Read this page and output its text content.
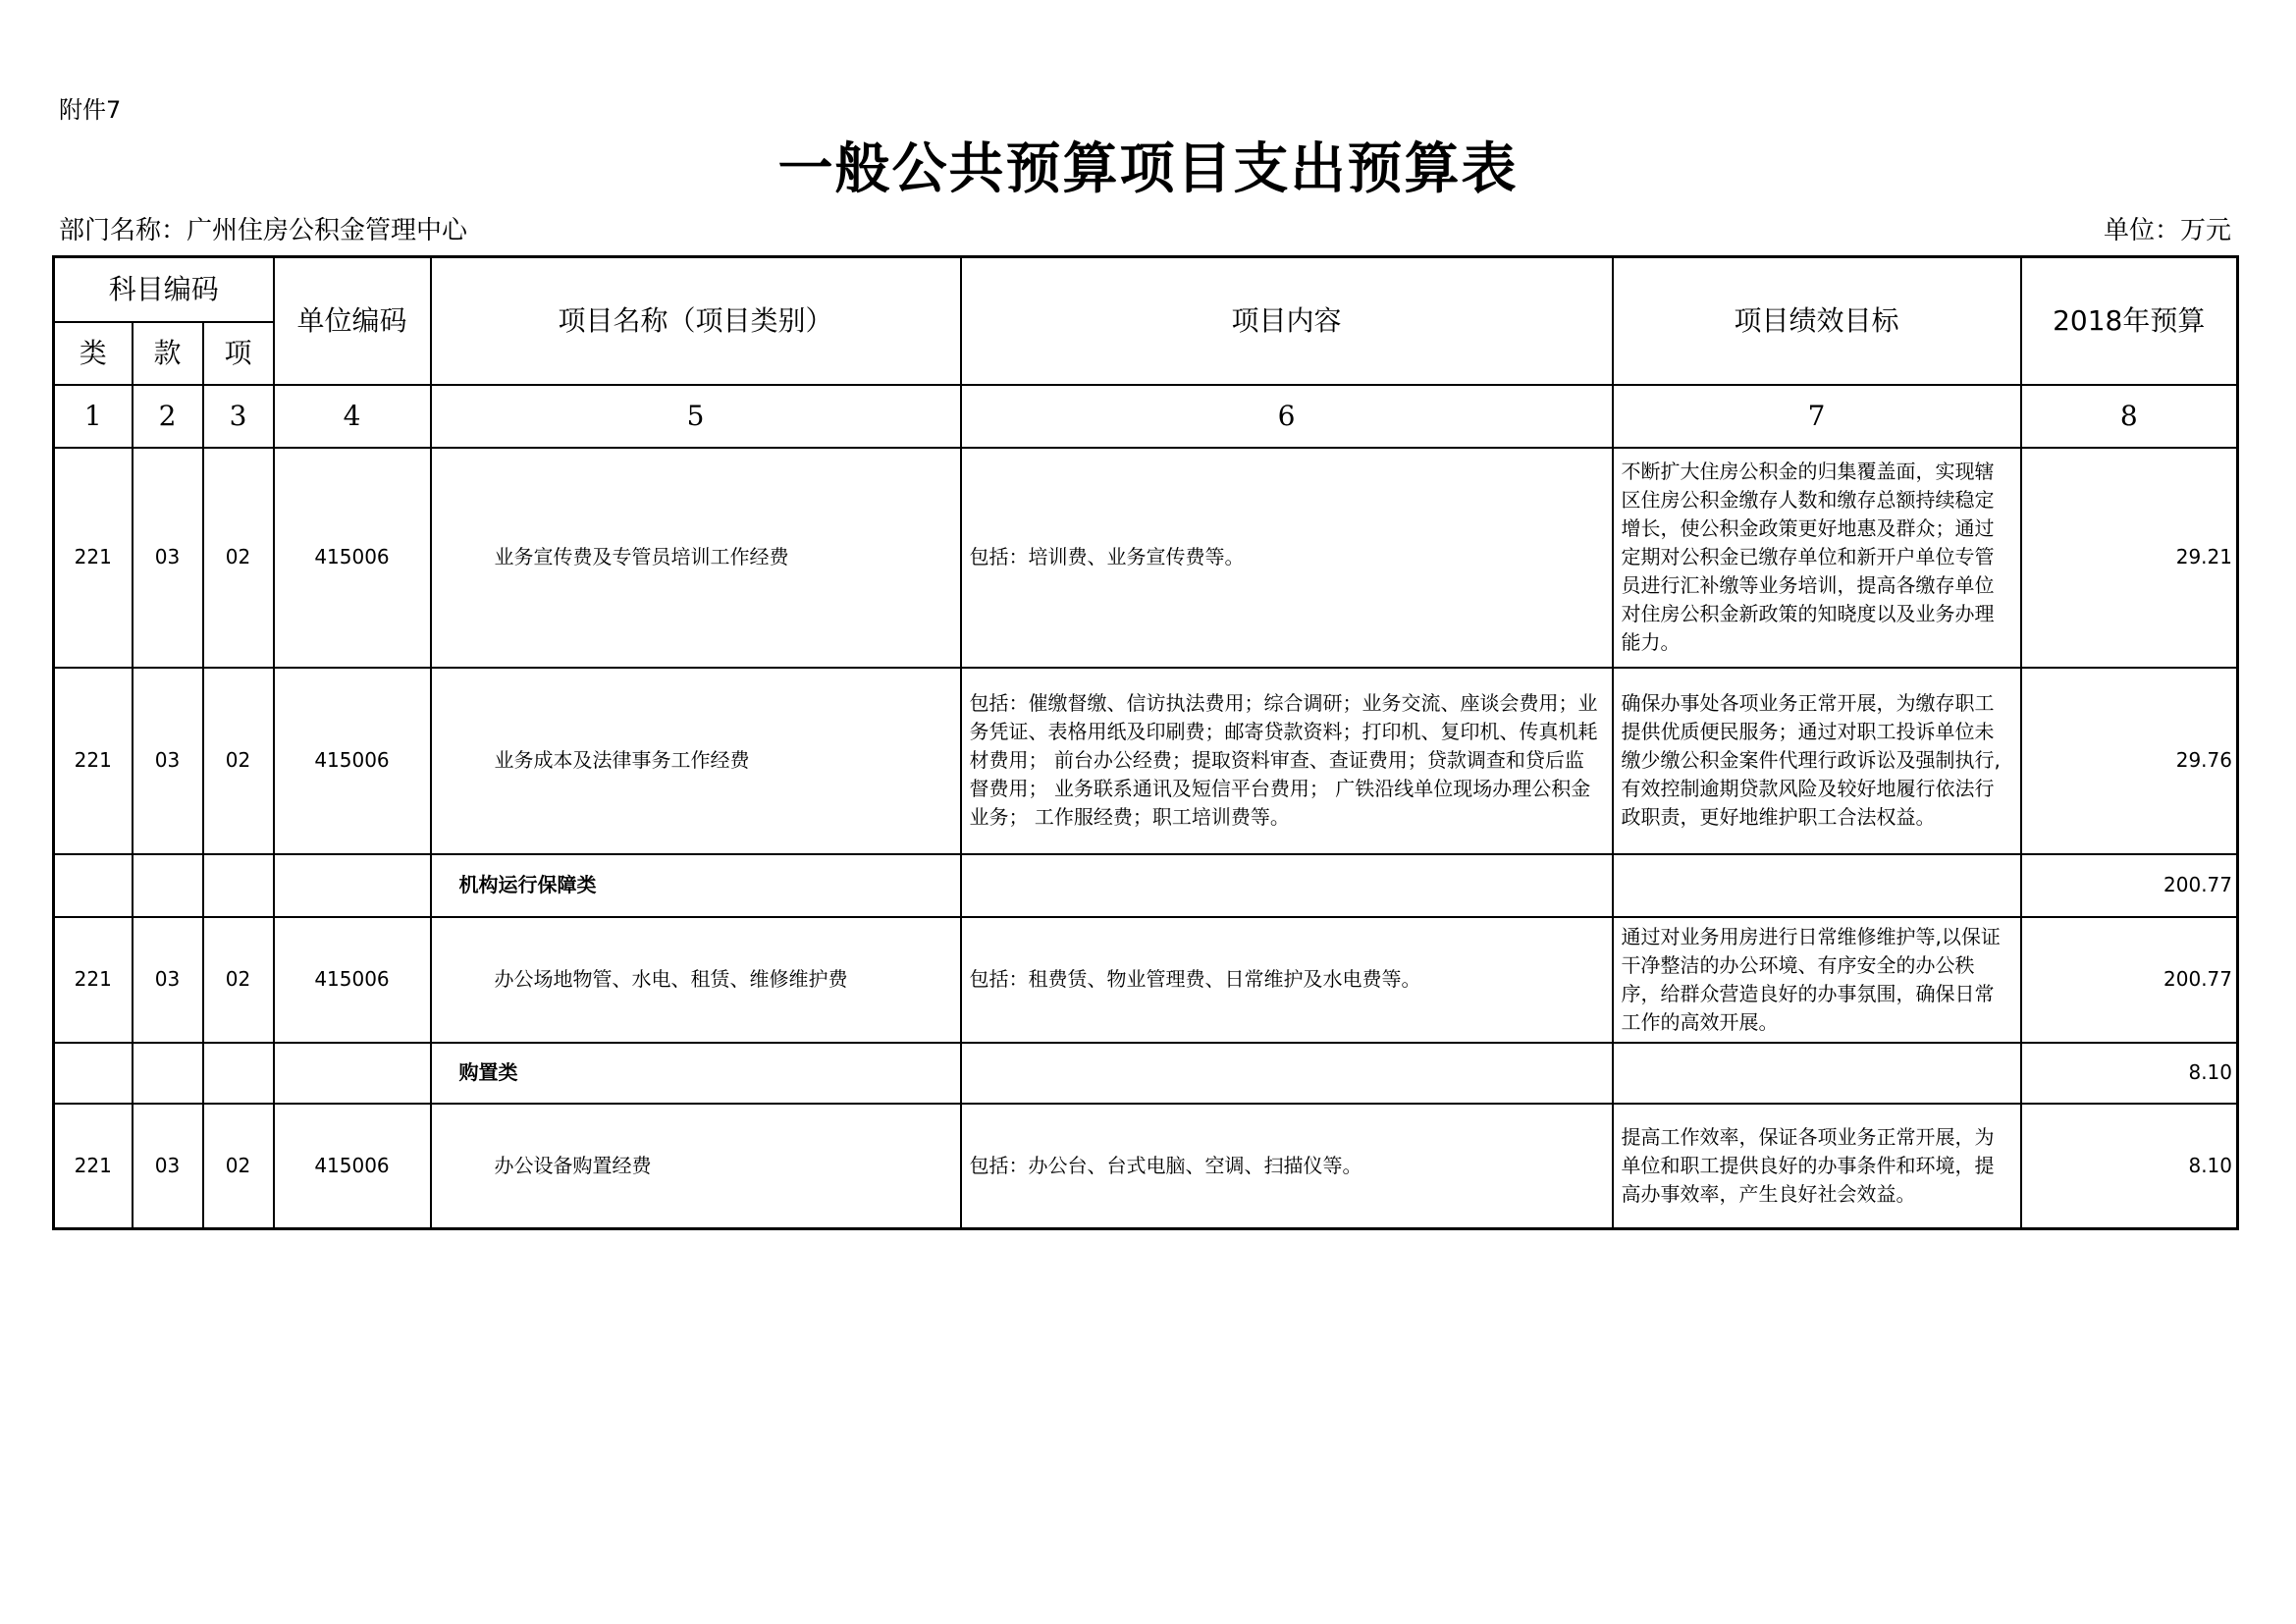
附件7
一般公共预算项目支出预算表
部门名称：广州住房公积金管理中心	单位：万元
科目编码			单位编码	项目名称（项目类别）	项目内容	项目绩效目标	2018年预算
类	款	项					
1	2	3	4	5	6	7	8
221	03	02	415006	业务宣传费及专管员培训工作经费	包括：培训费、业务宣传费等。	不断扩大住房公积金的归集覆盖面，实现辖区住房公积金缴存人数和缴存总额持续稳定增长，使公积金政策更好地惠及群众；通过定期对公积金已缴存单位和新开户单位专管员进行汇补缴等业务培训，提高各缴存单位对住房公积金新政策的知晓度以及业务办理能力。	29.21
221	03	02	415006	业务成本及法律事务工作经费	包括：催缴督缴、信访执法费用；综合调研；业务交流、座谈会费用；业务凭证、表格用纸及印刷费；邮寄贷款资料；打印机、复印机、传真机耗材费用； 前台办公经费；提取资料审查、查证费用；贷款调查和贷后监督费用； 业务联系通讯及短信平台费用； 广铁沿线单位现场办理公积金业务； 工作服经费；职工培训费等。	确保办事处各项业务正常开展，为缴存职工提供优质便民服务；通过对职工投诉单位未缴少缴公积金案件代理行政诉讼及强制执行,有效控制逾期贷款风险及较好地履行依法行政职责，更好地维护职工合法权益。	29.76
				机构运行保障类			200.77
221	03	02	415006	办公场地物管、水电、租赁、维修维护费	包括：租费赁、物业管理费、日常维护及水电费等。	通过对业务用房进行日常维修维护等,以保证干净整洁的办公环境、有序安全的办公秩序，给群众营造良好的办事氛围，确保日常工作的高效开展。	200.77
				购置类			8.10
221	03	02	415006	办公设备购置经费	包括：办公台、台式电脑、空调、扫描仪等。	提高工作效率，保证各项业务正常开展，为单位和职工提供良好的办事条件和环境，提高办事效率，产生良好社会效益。	8.10
